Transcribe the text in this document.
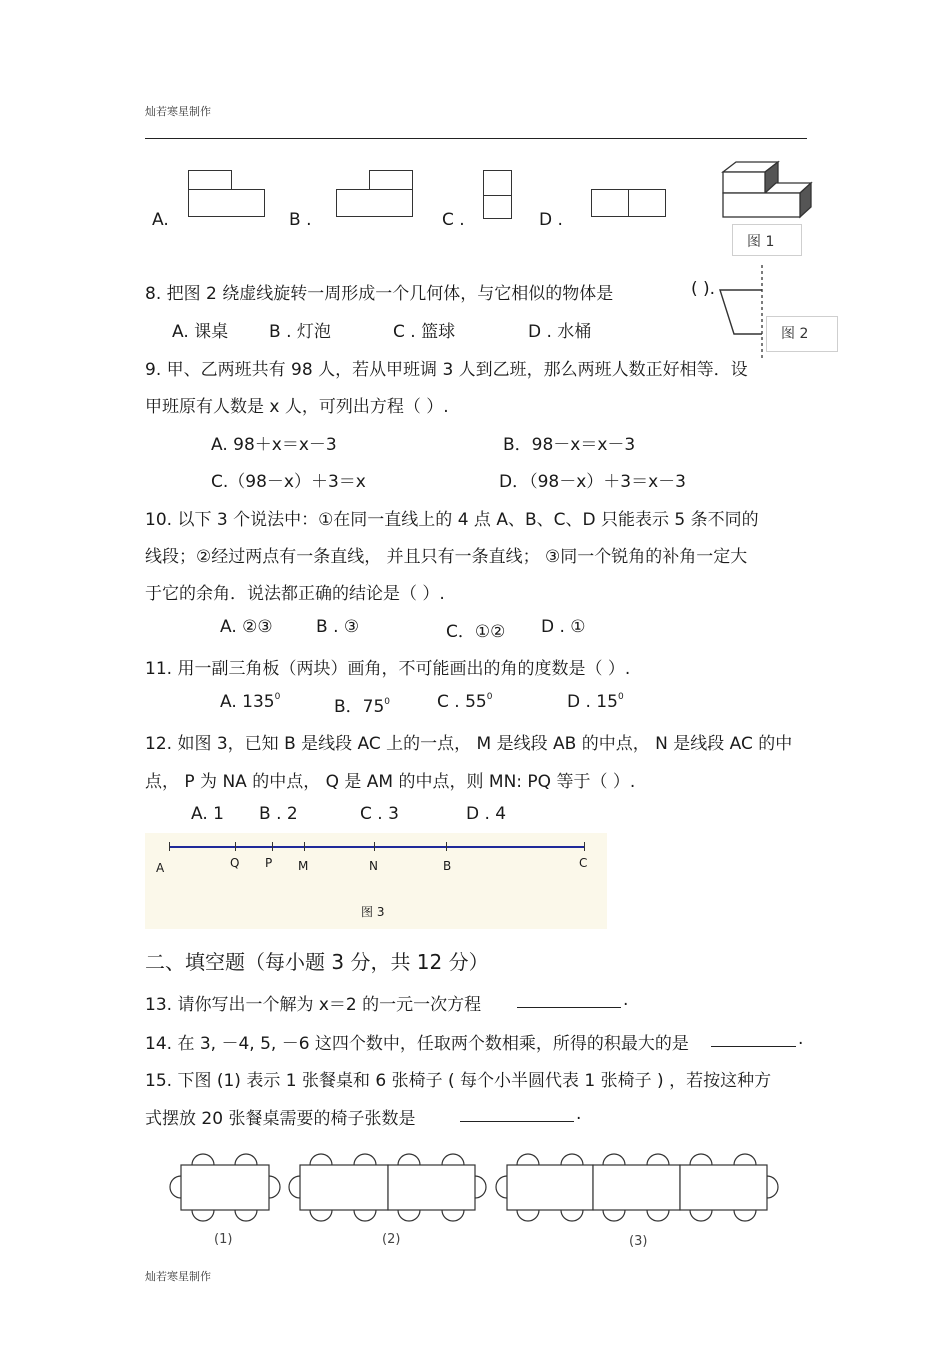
灿若寒星制作
A.	B .	C .	D .
图 1
8. 把图 2 绕虚线旋转一周形成一个几何体，与它相似的物体是	( ).
A. 课桌 B . 灯泡	C . 篮球	D . 水桶	图 2
9. 甲、乙两班共有 98 人，若从甲班调 3 人到乙班，那么两班人数正好相等．设
甲班原有人数是 x 人，可列出方程（ ）.
A. 98＋x＝x－3	B．98－x＝x－3
C.（98－x）＋3＝x	D．（98－x）＋3＝x－3
10. 以下 3 个说法中：①在同一直线上的 4 点 A、B、C、D 只能表示 5 条不同的
线段；②经过两点有一条直线， 并且只有一条直线； ③同一个锐角的补角一定大
于它的余角．说法都正确的结论是（ ）.
A. ②③	B . ③	C．①② D . ①
11. 用一副三角板（两块）画角，不可能画出的角的度数是（ ）.
A. $135^0$	B．$75^0$	C . $55^0$	D . $15^0$
12. 如图 3，已知 B 是线段 AC 上的一点， M 是线段 AB 的中点， N 是线段 AC 的中
点， P 为 NA 的中点， Q 是 AM 的中点，则 MN: PQ 等于（ ）.
A. 1 B . 2	C . 3	D . 4
A	Q P M	N	B	C
图 3
二、填空题（每小题 3 分，共 12 分）
13. 请你写出一个解为 x＝2 的一元一次方程	.
14. 在 3, －4, 5, －6 这四个数中，任取两个数相乘，所得的积最大的是	.
15. 下图 (1) 表示 1 张餐桌和 6 张椅子 ( 每个小半圆代表 1 张椅子 ) ，若按这种方
式摆放 20 张餐桌需要的椅子张数是	.
(1)	(2)	(3)
灿若寒星制作
